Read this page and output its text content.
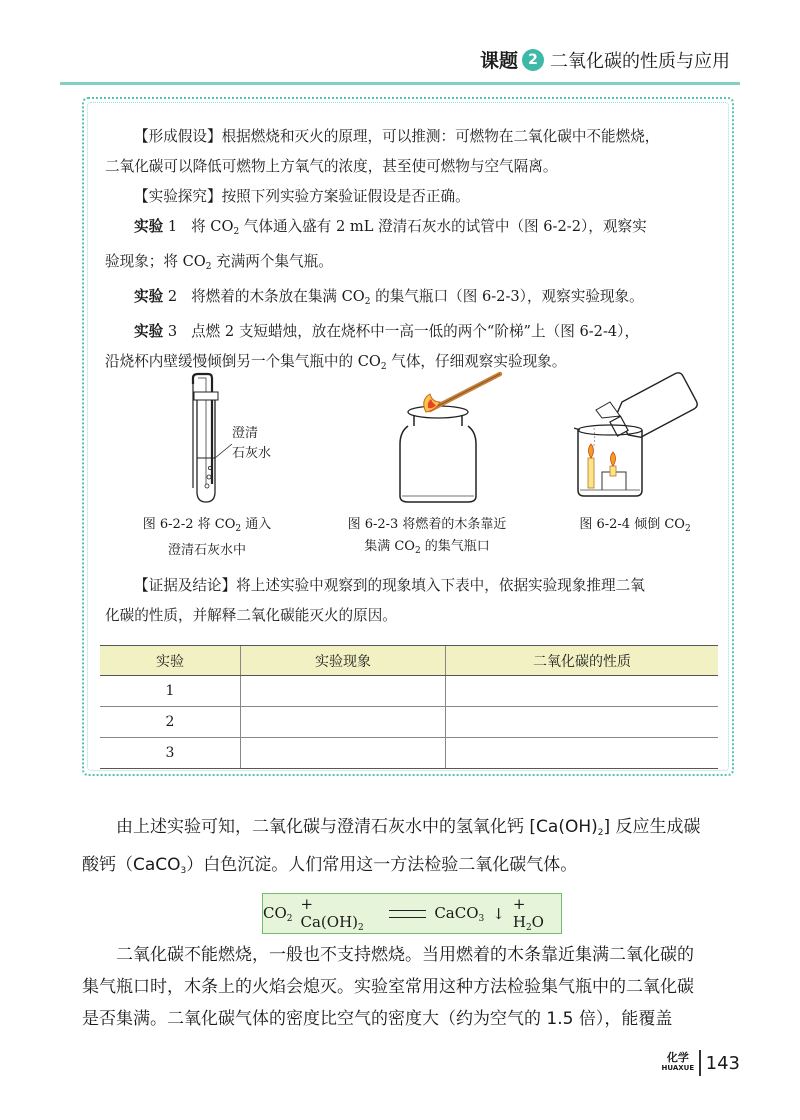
课题 2 二氧化碳的性质与应用

【形成假设】根据燃烧和灭火的原理，可以推测：可燃物在二氧化碳中不能燃烧，

二氧化碳可以降低可燃物上方氧气的浓度，甚至使可燃物与空气隔离。

【实验探究】按照下列实验方案验证假设是否正确。

实验 1 将 $CO_2$ 气体通入盛有 2 mL 澄清石灰水的试管中（图 6-2-2），观察实

验现象；将 $CO_2$ 充满两个集气瓶。

实验 2 将燃着的木条放在集满 $CO_2$ 的集气瓶口（图 6-2-3），观察实验现象。

实验 3 点燃 2 支短蜡烛，放在烧杯中一高一低的两个“阶梯”上（图 6-2-4），

沿烧杯内壁缓慢倾倒另一个集气瓶中的 $CO_2$ 气体，仔细观察实验现象。

澄清
石灰水
图 6-2-2 将 $CO_2$ 通入
澄清石灰水中
图 6-2-3 将燃着的木条靠近
集满 $CO_2$ 的集气瓶口
图 6-2-4 倾倒 $CO_2$

【证据及结论】将上述实验中观察到的现象填入下表中，依据实验现象推理二氧

化碳的性质，并解释二氧化碳能灭火的原因。

实验	实验现象	二氧化碳的性质
1		
2		
3		

由上述实验可知，二氧化碳与澄清石灰水中的氢氧化钙 $[Ca(OH)_2]$ 反应生成碳

酸钙（CaCO$_3$）白色沉淀。人们常用这一方法检验二氧化碳气体。

$CO_2$
+ $Ca(OH)_2$
CaCO$_3$ ↓
+ $H_2O$

二氧化碳不能燃烧，一般也不支持燃烧。当用燃着的木条靠近集满二氧化碳的

集气瓶口时，木条上的火焰会熄灭。实验室常用这种方法检验集气瓶中的二氧化碳

是否集满。二氧化碳气体的密度比空气的密度大（约为空气的 1.5 倍），能覆盖

化学
HUAXUE 143
